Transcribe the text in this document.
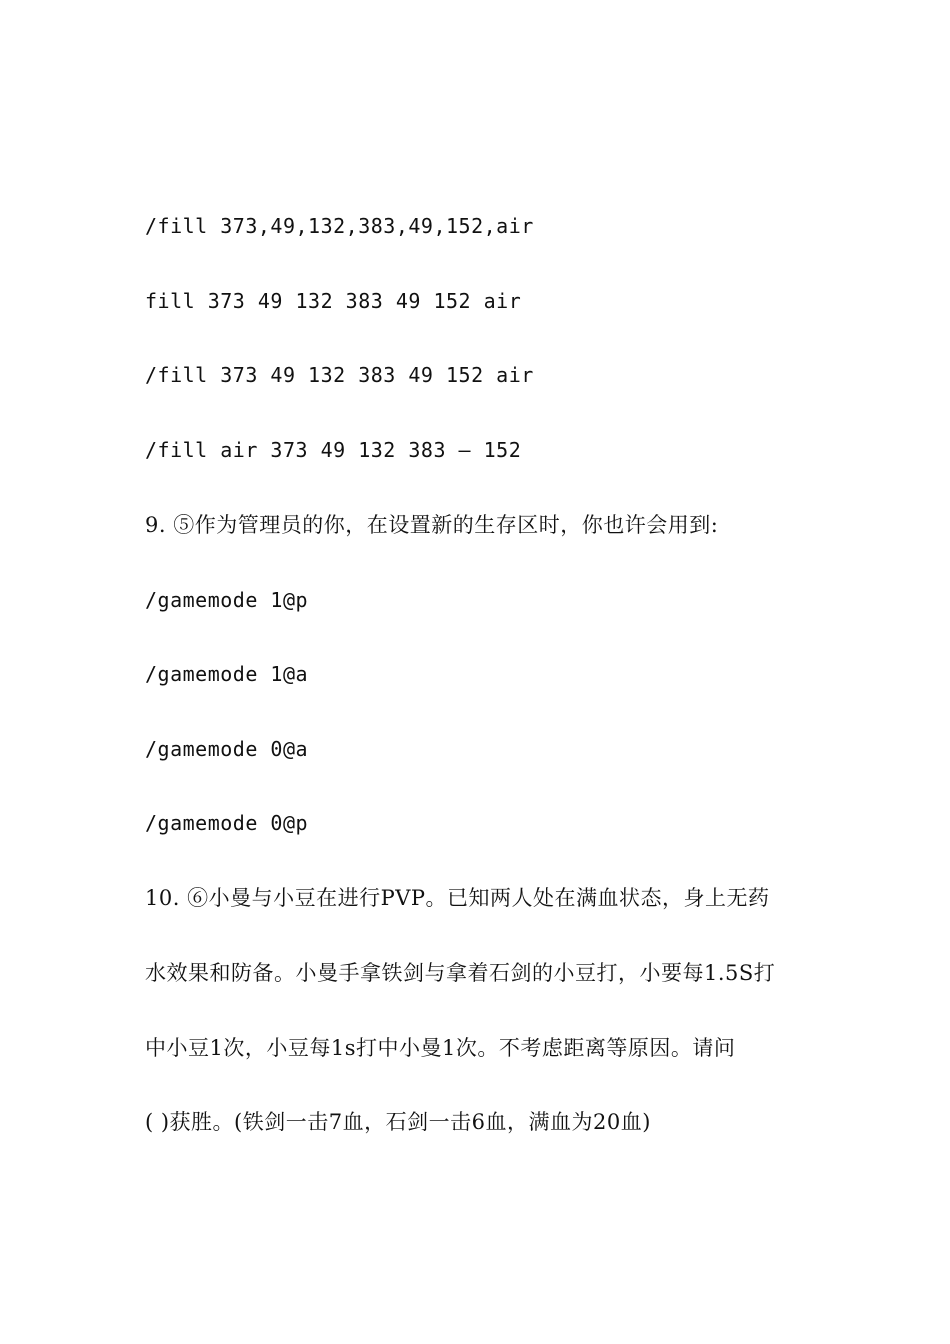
/fill 373,49,132,383,49,152,air
fill 373 49 132 383 49 152 air
/fill 373 49 132 383 49 152 air
/fill air 373 49 132 383 – 152
9. ⑤作为管理员的你，在设置新的生存区时，你也许会用到:
/gamemode 1@p
/gamemode 1@a
/gamemode 0@a
/gamemode 0@p
10. ⑥小曼与小豆在进行PVP。已知两人处在满血状态，身上无药
水效果和防备。小曼手拿铁剑与拿着石剑的小豆打，小要每1.5S打
中小豆1次，小豆每1s打中小曼1次。不考虑距离等原因。请问
( )获胜。(铁剑一击7血，石剑一击6血，满血为20血)
